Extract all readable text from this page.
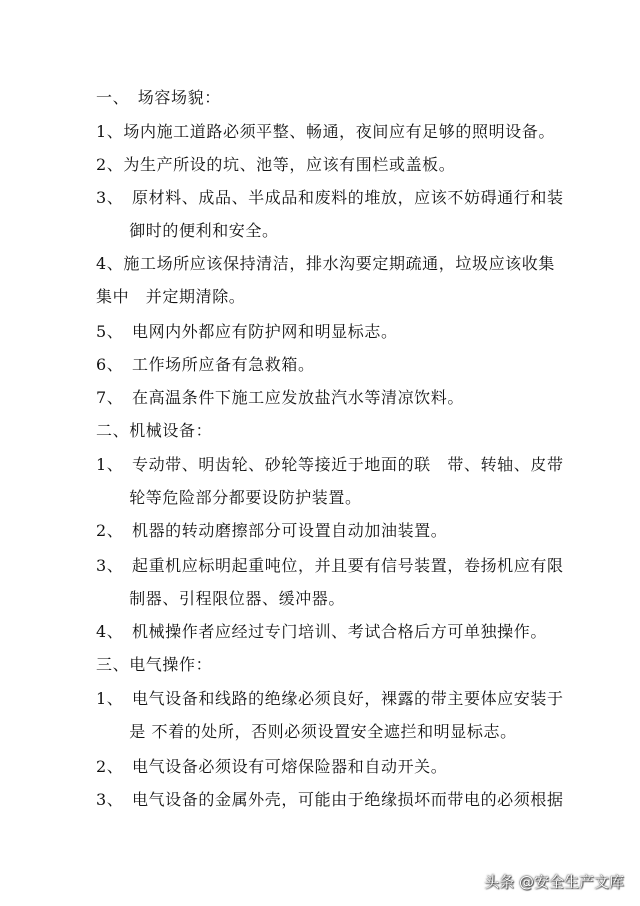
一、　场容场貌：
1、场内施工道路必须平整、畅通，夜间应有足够的照明设备。
2、为生产所设的坑、池等，应该有围栏或盖板。
3、　原材料、成品、半成品和废料的堆放，应该不妨碍通行和装
　　御时的便利和安全。
4、施工场所应该保持清洁，排水沟要定期疏通，垃圾应该收集
集中　并定期清除。
5、　电网内外都应有防护网和明显标志。
6、　工作场所应备有急救箱。
7、　在高温条件下施工应发放盐汽水等清凉饮料。
二、机械设备：
1、　专动带、明齿轮、砂轮等接近于地面的联　带、转轴、皮带
　　轮等危险部分都要设防护装置。
2、　机器的转动磨擦部分可设置自动加油装置。
3、　起重机应标明起重吨位，并且要有信号装置，卷扬机应有限
　　制器、引程限位器、缓冲器。
4、　机械操作者应经过专门培训、考试合格后方可单独操作。
三、电气操作：
1、　电气设备和线路的绝缘必须良好，裸露的带主要体应安装于
　　是 不着的处所，否则必须设置安全遮拦和明显标志。
2、　电气设备必须设有可熔保险器和自动开关。
3、　电气设备的金属外壳，可能由于绝缘损坏而带电的必须根据
头条 @安全生产文库
